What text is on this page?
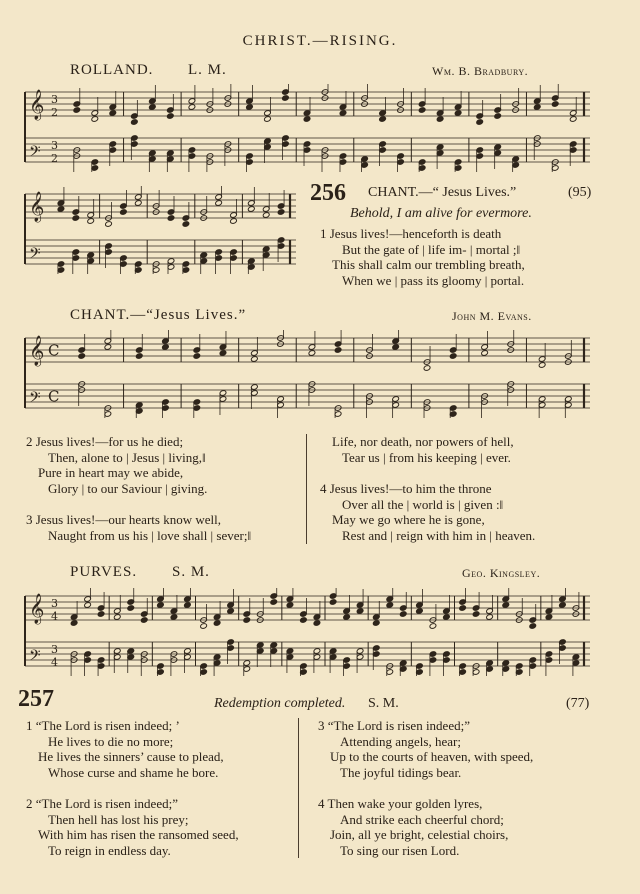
CHRIST.—RISING.
ROLLAND. L. M.	Wm. B. Bradbury.
𝄞 3
2
𝄢 3
2
𝄞
𝄢
256 CHANT.—“ Jesus Lives.”	(95)
Behold, I am alive for evermore.
1 Jesus lives!—henceforth is death
But the gate of | life im- | mortal ;‖
This shall calm our trembling breath,
When we | pass its gloomy | portal.
CHANT.—“Jesus Lives.”	John M. Evans.
𝄞 C
𝄢 C
2 Jesus lives!—for us he died;
Then, alone to | Jesus | living,‖
Pure in heart may we abide,
Glory | to our Saviour | giving.
3 Jesus lives!—our hearts know well,
Naught from us his | love shall | sever;‖
Life, nor death, nor powers of hell,
Tear us | from his keeping | ever.
4 Jesus lives!—to him the throne
Over all the | world is | given :‖
May we go where he is gone,
Rest and | reign with him in | heaven.
PURVES. S. M.	Geo. Kingsley.
𝄞 3
4
𝄢 3
4
257	Redemption completed. S. M.	(77)
1 “The Lord is risen indeed; ’
He lives to die no more;
He lives the sinners’ cause to plead,
Whose curse and shame he bore.
2 “The Lord is risen indeed;”
Then hell has lost his prey;
With him has risen the ransomed seed,
To reign in endless day.
3 “The Lord is risen indeed;”
Attending angels, hear;
Up to the courts of heaven, with speed,
The joyful tidings bear.
4 Then wake your golden lyres,
And strike each cheerful chord;
Join, all ye bright, celestial choirs,
To sing our risen Lord.
